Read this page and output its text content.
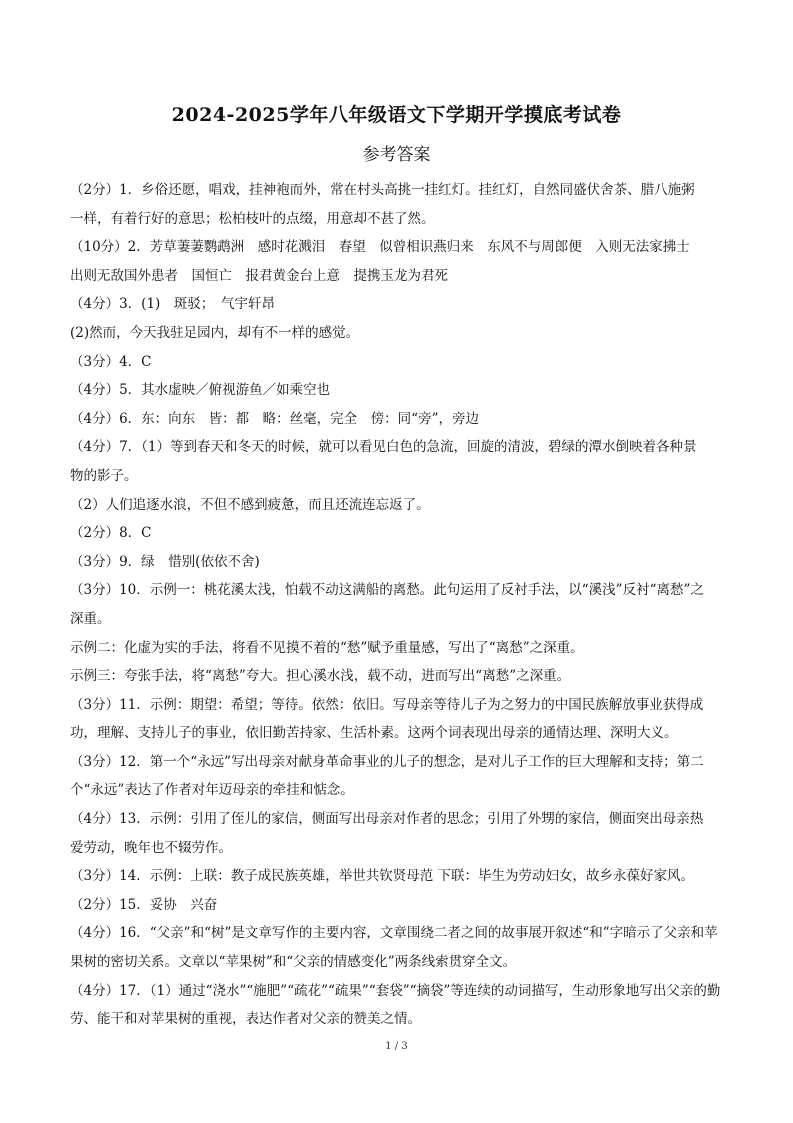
2024-2025学年八年级语文下学期开学摸底考试卷
参考答案
（2分）1．乡俗还愿，唱戏，挂神袍而外，常在村头高挑一挂红灯。挂红灯，自然同盛伏舍茶、腊八施粥
一样，有着行好的意思；松柏枝叶的点缀，用意却不甚了然。
（10分）2．芳草萋萋鹦鹉洲　感时花溅泪　春望　似曾相识燕归来　东风不与周郎便　入则无法家拂士
出则无敌国外患者　国恒亡　报君黄金台上意　提携玉龙为君死
（4分）3．(1)　斑驳；　气宇轩昂
(2)然而，今天我驻足园内，却有不一样的感觉。
（3分）4．C
（4分）5．其水虚映／俯视游鱼／如乘空也
（4分）6．东：向东　皆：都　略：丝毫，完全　傍：同“旁”，旁边
（4分）7．（1）等到春天和冬天的时候，就可以看见白色的急流，回旋的清波，碧绿的潭水倒映着各种景
物的影子。
（2）人们追逐水浪，不但不感到疲惫，而且还流连忘返了。
（2分）8．C
（3分）9．绿　惜别(依依不舍)
（3分）10．示例一：桃花溪太浅，怕载不动这满船的离愁。此句运用了反衬手法，以“溪浅”反衬“离愁”之
深重。
示例二：化虚为实的手法，将看不见摸不着的“愁”赋予重量感，写出了“离愁”之深重。
示例三：夸张手法，将“离愁”夸大。担心溪水浅，载不动，进而写出“离愁”之深重。
（3分）11．示例：期望：希望；等待。依然：依旧。写母亲等待儿子为之努力的中国民族解放事业获得成
功，理解、支持儿子的事业，依旧勤苦持家、生活朴素。这两个词表现出母亲的通情达理、深明大义。
（3分）12．第一个“永远”写出母亲对献身革命事业的儿子的想念，是对儿子工作的巨大理解和支持；第二
个“永远”表达了作者对年迈母亲的牵挂和惦念。
（4分）13．示例：引用了侄儿的家信，侧面写出母亲对作者的思念；引用了外甥的家信，侧面突出母亲热
爱劳动，晚年也不辍劳作。
（3分）14．示例：上联：教子成民族英雄，举世共钦贤母范 下联：毕生为劳动妇女，故乡永葆好家风。
（2分）15．妥协　兴奋
（4分）16．“父亲”和“树”是文章写作的主要内容，文章围绕二者之间的故事展开叙述“和”字暗示了父亲和苹
果树的密切关系。文章以“苹果树”和“父亲的情感变化”两条线索贯穿全文。
（4分）17．（1）通过“浇水”“施肥”“疏花”“疏果”“套袋”“摘袋”等连续的动词描写，生动形象地写出父亲的勤
劳、能干和对苹果树的重视，表达作者对父亲的赞美之情。
1 / 3
